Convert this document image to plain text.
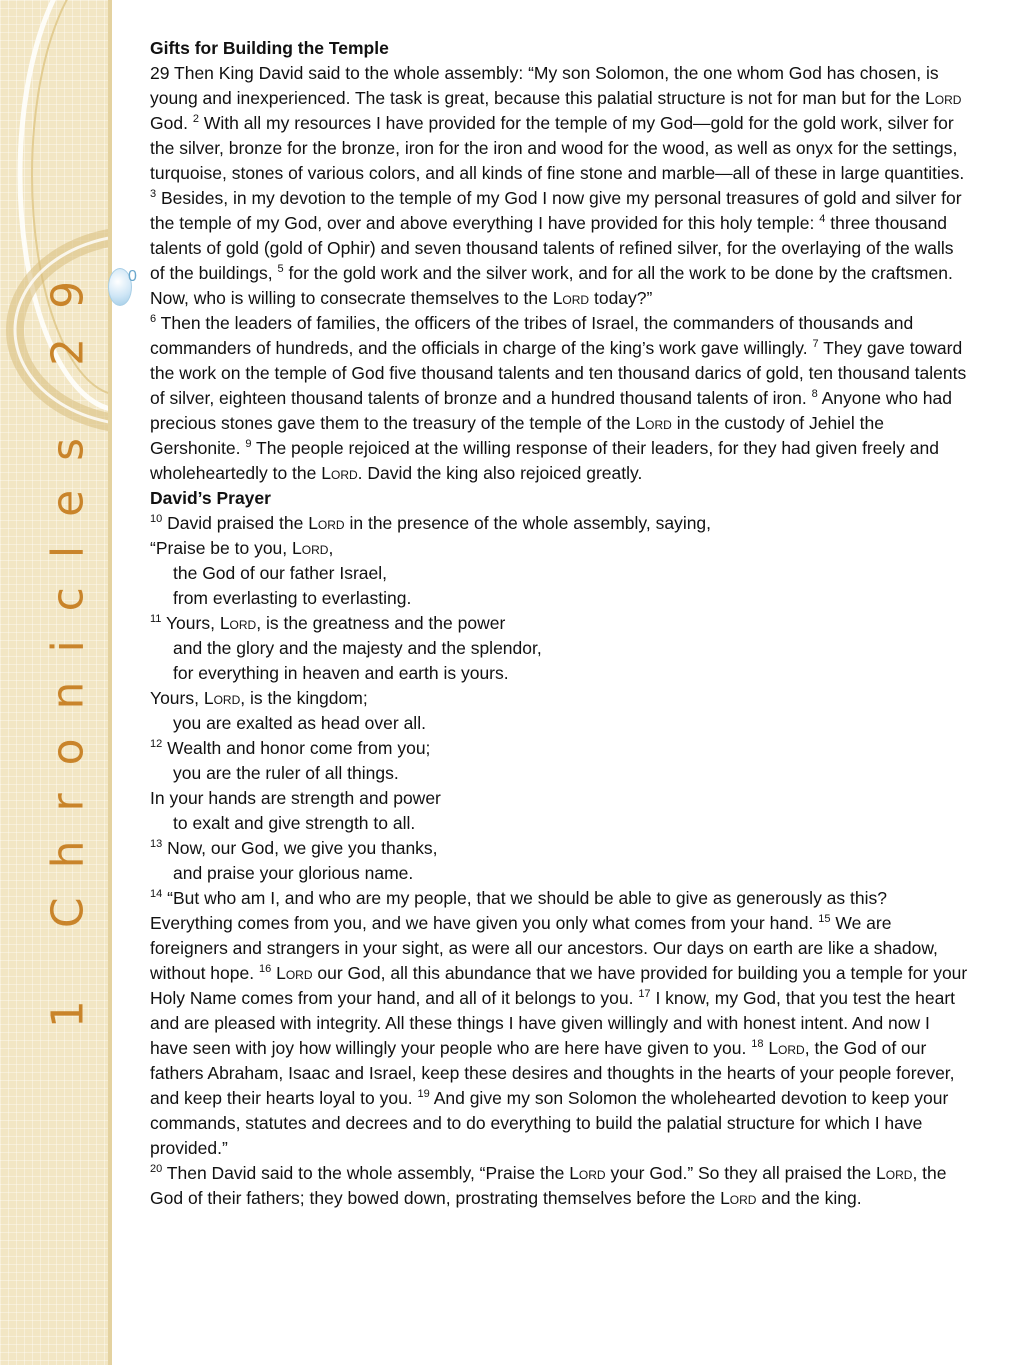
1 Chronicles 29 0

Gifts for Building the Temple

29 Then King David said to the whole assembly: “My son Solomon, the one whom God has chosen, is young and inexperienced. The task is great, because this palatial structure is not for man but for the Lord God. $^2$ With all my resources I have provided for the temple of my God—gold for the gold work, silver for the silver, bronze for the bronze, iron for the iron and wood for the wood, as well as onyx for the settings, turquoise, stones of various colors, and all kinds of fine stone and marble—all of these in large quantities. $^3$ Besides, in my devotion to the temple of my God I now give my personal treasures of gold and silver for the temple of my God, over and above everything I have provided for this holy temple: $^4$ three thousand talents of gold (gold of Ophir) and seven thousand talents of refined silver, for the overlaying of the walls of the buildings, $^5$ for the gold work and the silver work, and for all the work to be done by the craftsmen. Now, who is willing to consecrate themselves to the Lord today?”

$^6$ Then the leaders of families, the officers of the tribes of Israel, the commanders of thousands and commanders of hundreds, and the officials in charge of the king’s work gave willingly. $^7$ They gave toward the work on the temple of God five thousand talents and ten thousand darics of gold, ten thousand talents of silver, eighteen thousand talents of bronze and a hundred thousand talents of iron. $^8$ Anyone who had precious stones gave them to the treasury of the temple of the Lord in the custody of Jehiel the Gershonite. $^9$ The people rejoiced at the willing response of their leaders, for they had given freely and wholeheartedly to the Lord. David the king also rejoiced greatly.

David’s Prayer

$^{10}$ David praised the Lord in the presence of the whole assembly, saying,

“Praise be to you, Lord,

the God of our father Israel,

from everlasting to everlasting.

$^{11}$ Yours, Lord, is the greatness and the power

and the glory and the majesty and the splendor,

for everything in heaven and earth is yours.

Yours, Lord, is the kingdom;

you are exalted as head over all.

$^{12}$ Wealth and honor come from you;

you are the ruler of all things.

In your hands are strength and power

to exalt and give strength to all.

$^{13}$ Now, our God, we give you thanks,

and praise your glorious name.

$^{14}$ “But who am I, and who are my people, that we should be able to give as generously as this? Everything comes from you, and we have given you only what comes from your hand. $^{15}$ We are foreigners and strangers in your sight, as were all our ancestors. Our days on earth are like a shadow, without hope. $^{16}$ Lord our God, all this abundance that we have provided for building you a temple for your Holy Name comes from your hand, and all of it belongs to you. $^{17}$ I know, my God, that you test the heart and are pleased with integrity. All these things I have given willingly and with honest intent. And now I have seen with joy how willingly your people who are here have given to you. $^{18}$ Lord, the God of our fathers Abraham, Isaac and Israel, keep these desires and thoughts in the hearts of your people forever, and keep their hearts loyal to you. $^{19}$ And give my son Solomon the wholehearted devotion to keep your commands, statutes and decrees and to do everything to build the palatial structure for which I have provided.”

$^{20}$ Then David said to the whole assembly, “Praise the Lord your God.” So they all praised the Lord, the God of their fathers; they bowed down, prostrating themselves before the Lord and the king.
